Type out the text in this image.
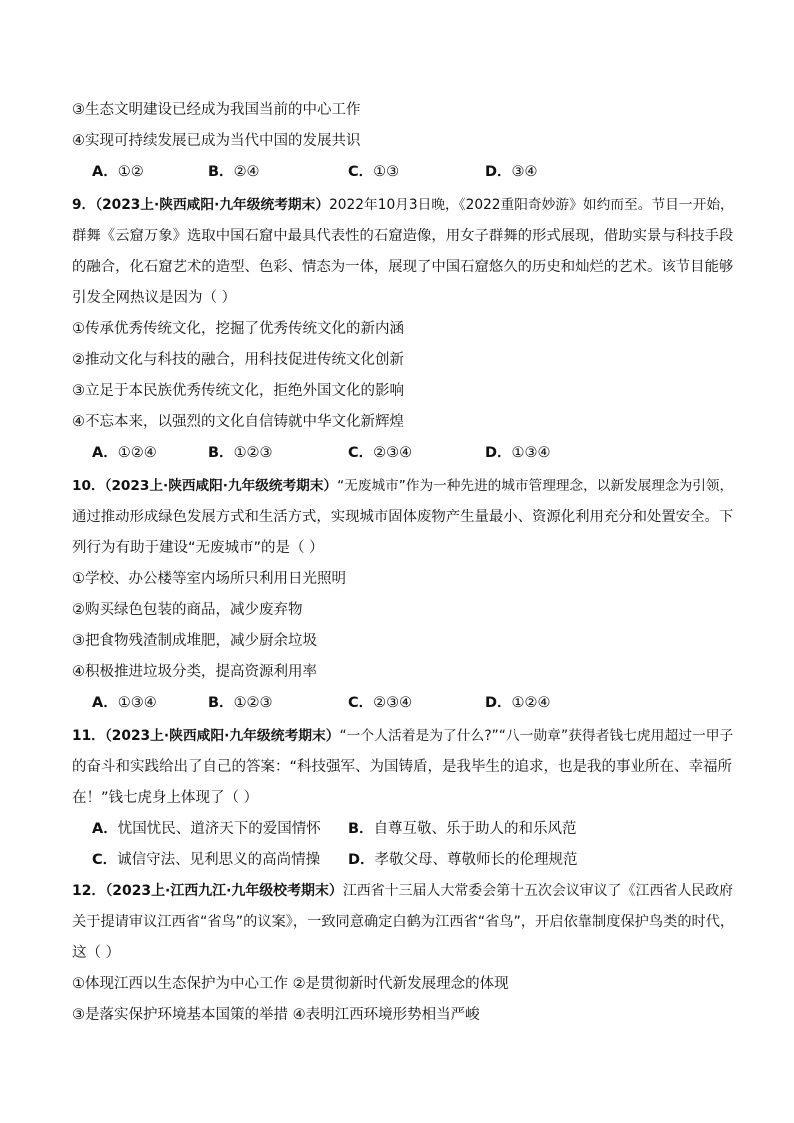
③生态文明建设已经成为我国当前的中心工作
④实现可持续发展已成为当代中国的发展共识
A．①②	B．②④	C．①③	D．③④
9．（2023上·陕西咸阳·九年级统考期末）2022年10月3日晚，《2022重阳奇妙游》如约而至。节目一开始，
群舞《云窟万象》选取中国石窟中最具代表性的石窟造像，用女子群舞的形式展现，借助实景与科技手段
的融合，化石窟艺术的造型、色彩、情态为一体，展现了中国石窟悠久的历史和灿烂的艺术。该节目能够
引发全网热议是因为（ ）
①传承优秀传统文化，挖掘了优秀传统文化的新内涵
②推动文化与科技的融合，用科技促进传统文化创新
③立足于本民族优秀传统文化，拒绝外国文化的影响
④不忘本来，以强烈的文化自信铸就中华文化新辉煌
A．①②④	B．①②③	C．②③④	D．①③④
10．（2023上·陕西咸阳·九年级统考期末）“无废城市”作为一种先进的城市管理理念，以新发展理念为引领，
通过推动形成绿色发展方式和生活方式，实现城市固体废物产生量最小、资源化利用充分和处置安全。下
列行为有助于建设“无废城市”的是（ ）
①学校、办公楼等室内场所只利用日光照明
②购买绿色包装的商品，减少废弃物
③把食物残渣制成堆肥，减少厨余垃圾
④积极推进垃圾分类，提高资源利用率
A．①③④	B．①②③	C．②③④	D．①②④
11．（2023上·陕西咸阳·九年级统考期末）“一个人活着是为了什么?”“八一勋章”获得者钱七虎用超过一甲子
的奋斗和实践给出了自己的答案：“科技强军、为国铸盾，是我毕生的追求，也是我的事业所在、幸福所
在！”钱七虎身上体现了（ ）
A．忧国忧民、道济天下的爱国情怀 B．自尊互敬、乐于助人的和乐风范
C．诚信守法、见利思义的高尚情操 D．孝敬父母、尊敬师长的伦理规范
12．（2023上·江西九江·九年级校考期末）江西省十三届人大常委会第十五次会议审议了《江西省人民政府
关于提请审议江西省“省鸟”的议案》，一致同意确定白鹤为江西省“省鸟”，开启依靠制度保护鸟类的时代，
这（ ）
①体现江西以生态保护为中心工作 ②是贯彻新时代新发展理念的体现
③是落实保护环境基本国策的举措 ④表明江西环境形势相当严峻
